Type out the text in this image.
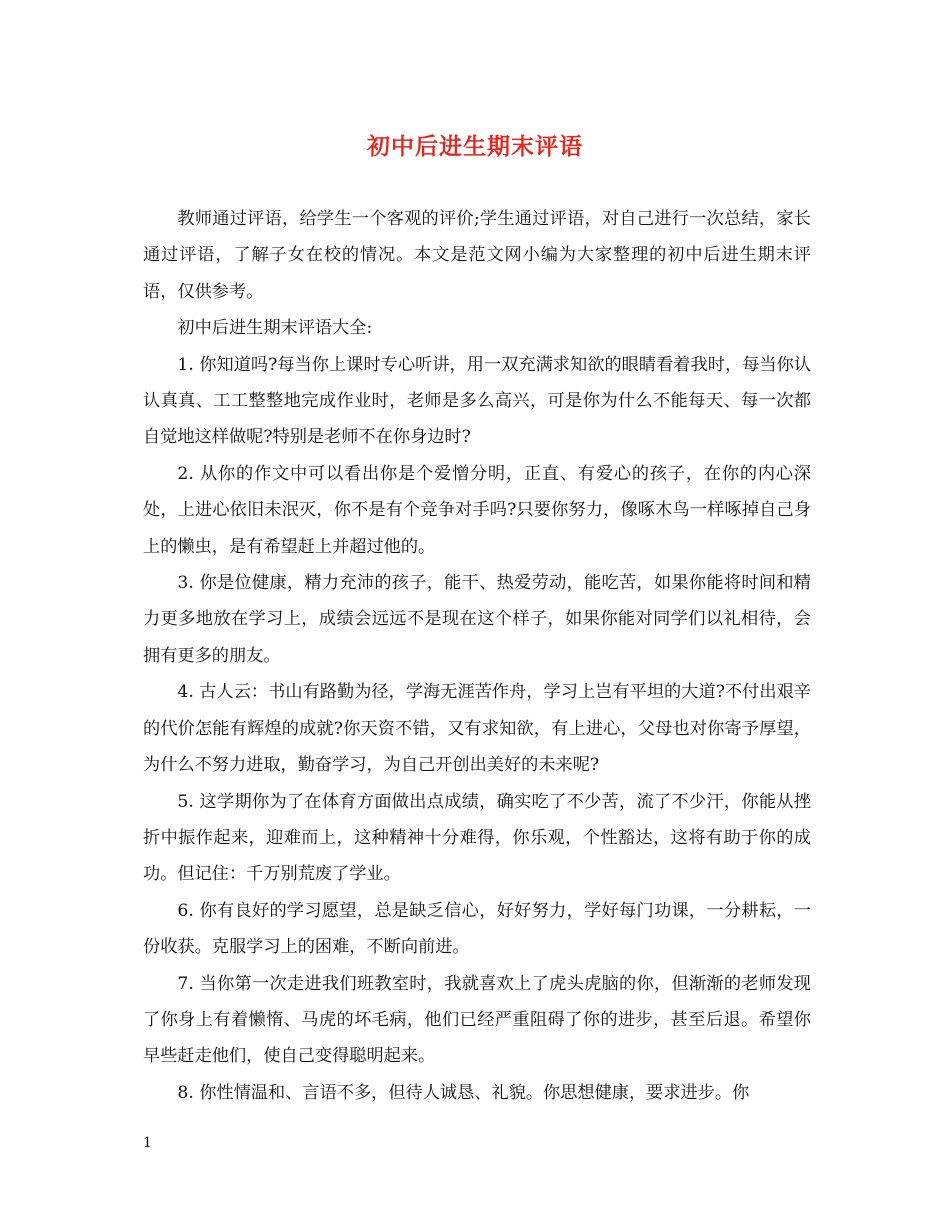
初中后进生期末评语

教师通过评语，给学生一个客观的评价;学生通过评语，对自己进行一次总结，家长通过评语，了解子女在校的情况。本文是范文网小编为大家整理的初中后进生期末评语，仅供参考。

初中后进生期末评语大全:

1. 你知道吗?每当你上课时专心听讲，用一双充满求知欲的眼睛看着我时，每当你认认真真、工工整整地完成作业时，老师是多么高兴，可是你为什么不能每天、每一次都自觉地这样做呢?特别是老师不在你身边时?

2. 从你的作文中可以看出你是个爱憎分明，正直、有爱心的孩子，在你的内心深处，上进心依旧未泯灭，你不是有个竞争对手吗?只要你努力，像啄木鸟一样啄掉自己身上的懒虫，是有希望赶上并超过他的。

3. 你是位健康，精力充沛的孩子，能干、热爱劳动，能吃苦，如果你能将时间和精力更多地放在学习上，成绩会远远不是现在这个样子，如果你能对同学们以礼相待，会拥有更多的朋友。

4. 古人云：书山有路勤为径，学海无涯苦作舟，学习上岂有平坦的大道?不付出艰辛的代价怎能有辉煌的成就?你天资不错，又有求知欲，有上进心，父母也对你寄予厚望，为什么不努力进取，勤奋学习，为自己开创出美好的未来呢?

5. 这学期你为了在体育方面做出点成绩，确实吃了不少苦，流了不少汗，你能从挫折中振作起来，迎难而上，这种精神十分难得，你乐观，个性豁达，这将有助于你的成功。但记住：千万别荒废了学业。

6. 你有良好的学习愿望，总是缺乏信心，好好努力，学好每门功课，一分耕耘，一份收获。克服学习上的困难，不断向前进。

7. 当你第一次走进我们班教室时，我就喜欢上了虎头虎脑的你，但渐渐的老师发现了你身上有着懒惰、马虎的坏毛病，他们已经严重阻碍了你的进步，甚至后退。希望你早些赶走他们，使自己变得聪明起来。

8. 你性情温和、言语不多，但待人诚恳、礼貌。你思想健康，要求进步。你

1
